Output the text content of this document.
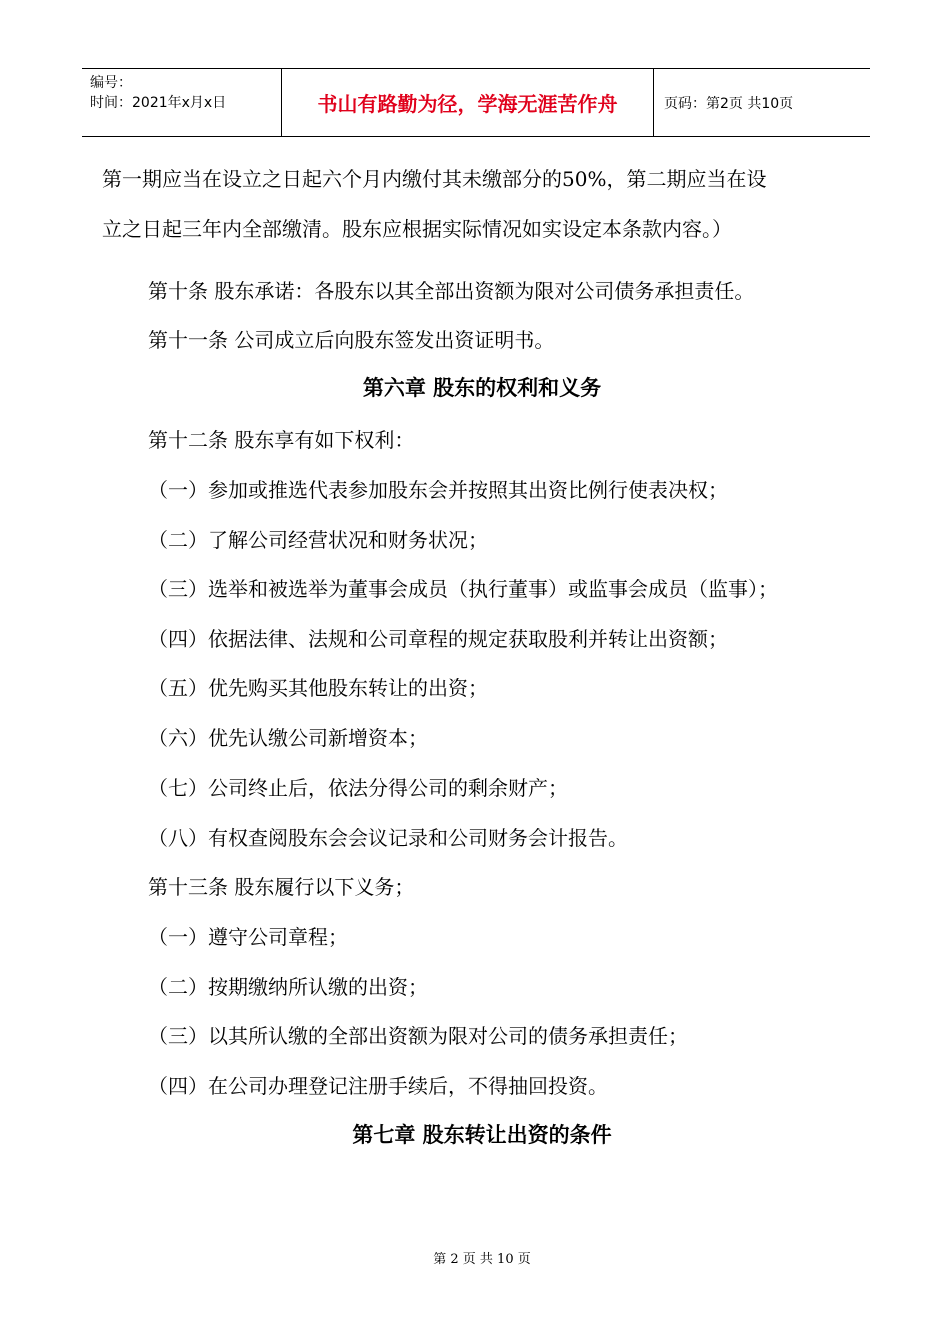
编号：
时间：2021年x月x日	书山有路勤为径，学海无涯苦作舟	页码：第2页 共10页
第一期应当在设立之日起六个月内缴付其未缴部分的50%，第二期应当在设
立之日起三年内全部缴清。股东应根据实际情况如实设定本条款内容。）
第十条 股东承诺：各股东以其全部出资额为限对公司债务承担责任。
第十一条 公司成立后向股东签发出资证明书。
第六章 股东的权利和义务
第十二条 股东享有如下权利：
（一）参加或推选代表参加股东会并按照其出资比例行使表决权；
（二）了解公司经营状况和财务状况；
（三）选举和被选举为董事会成员（执行董事）或监事会成员（监事）；
（四）依据法律、法规和公司章程的规定获取股利并转让出资额；
（五）优先购买其他股东转让的出资；
（六）优先认缴公司新增资本；
（七）公司终止后，依法分得公司的剩余财产；
（八）有权查阅股东会会议记录和公司财务会计报告。
第十三条 股东履行以下义务；
（一）遵守公司章程；
（二）按期缴纳所认缴的出资；
（三）以其所认缴的全部出资额为限对公司的债务承担责任；
（四）在公司办理登记注册手续后，不得抽回投资。
第七章 股东转让出资的条件
第 2 页 共 10 页
